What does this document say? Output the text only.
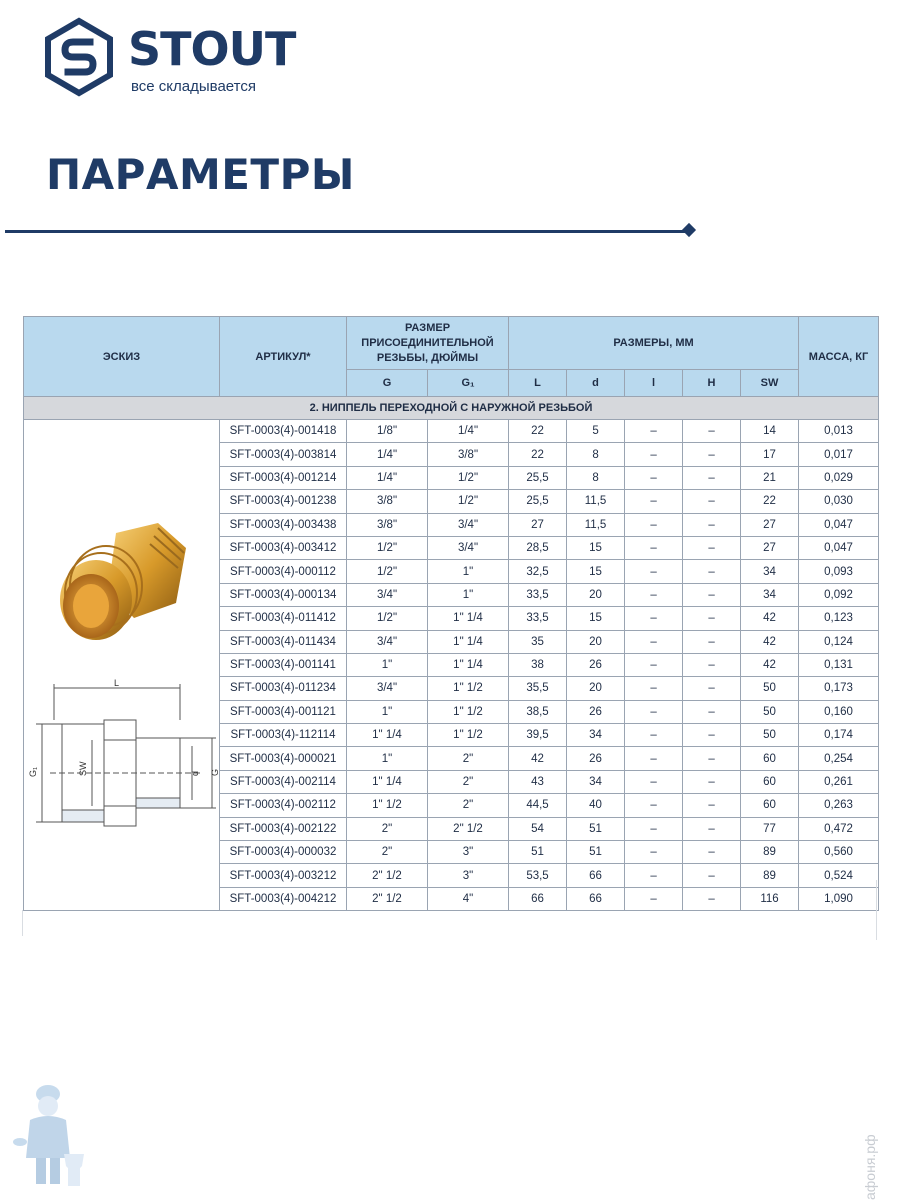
STOUT
все складывается
ПАРАМЕТРЫ
ЭСКИЗ	АРТИКУЛ*	РАЗМЕР ПРИСОЕДИНИТЕЛЬНОЙ РЕЗЬБЫ, ДЮЙМЫ		РАЗМЕРЫ, ММ					МАССА, КГ
		G	G₁	L	d	l	H	SW	
2. НИППЕЛЬ ПЕРЕХОДНОЙ С НАРУЖНОЙ РЕЗЬБОЙ									

L
SW
G₁ d G	SFT-0003(4)-001418	1/8"	1/4"	22	5	–	–	14	0,013
	SFT-0003(4)-003814	1/4"	3/8"	22	8	–	–	17	0,017
	SFT-0003(4)-001214	1/4"	1/2"	25,5	8	–	–	21	0,029
	SFT-0003(4)-001238	3/8"	1/2"	25,5	11,5	–	–	22	0,030
	SFT-0003(4)-003438	3/8"	3/4"	27	11,5	–	–	27	0,047
	SFT-0003(4)-003412	1/2"	3/4"	28,5	15	–	–	27	0,047
	SFT-0003(4)-000112	1/2"	1"	32,5	15	–	–	34	0,093
	SFT-0003(4)-000134	3/4"	1"	33,5	20	–	–	34	0,092
	SFT-0003(4)-011412	1/2"	1" 1/4	33,5	15	–	–	42	0,123
	SFT-0003(4)-011434	3/4"	1" 1/4	35	20	–	–	42	0,124
	SFT-0003(4)-001141	1"	1" 1/4	38	26	–	–	42	0,131
	SFT-0003(4)-011234	3/4"	1" 1/2	35,5	20	–	–	50	0,173
	SFT-0003(4)-001121	1"	1" 1/2	38,5	26	–	–	50	0,160
	SFT-0003(4)-112114	1" 1/4	1" 1/2	39,5	34	–	–	50	0,174
	SFT-0003(4)-000021	1"	2"	42	26	–	–	60	0,254
	SFT-0003(4)-002114	1" 1/4	2"	43	34	–	–	60	0,261
	SFT-0003(4)-002112	1" 1/2	2"	44,5	40	–	–	60	0,263
	SFT-0003(4)-002122	2"	2" 1/2	54	51	–	–	77	0,472
	SFT-0003(4)-000032	2"	3"	51	51	–	–	89	0,560
	SFT-0003(4)-003212	2" 1/2	3"	53,5	66	–	–	89	0,524
	SFT-0003(4)-004212	2" 1/2	4"	66	66	–	–	116	1,090
афоня.рф
